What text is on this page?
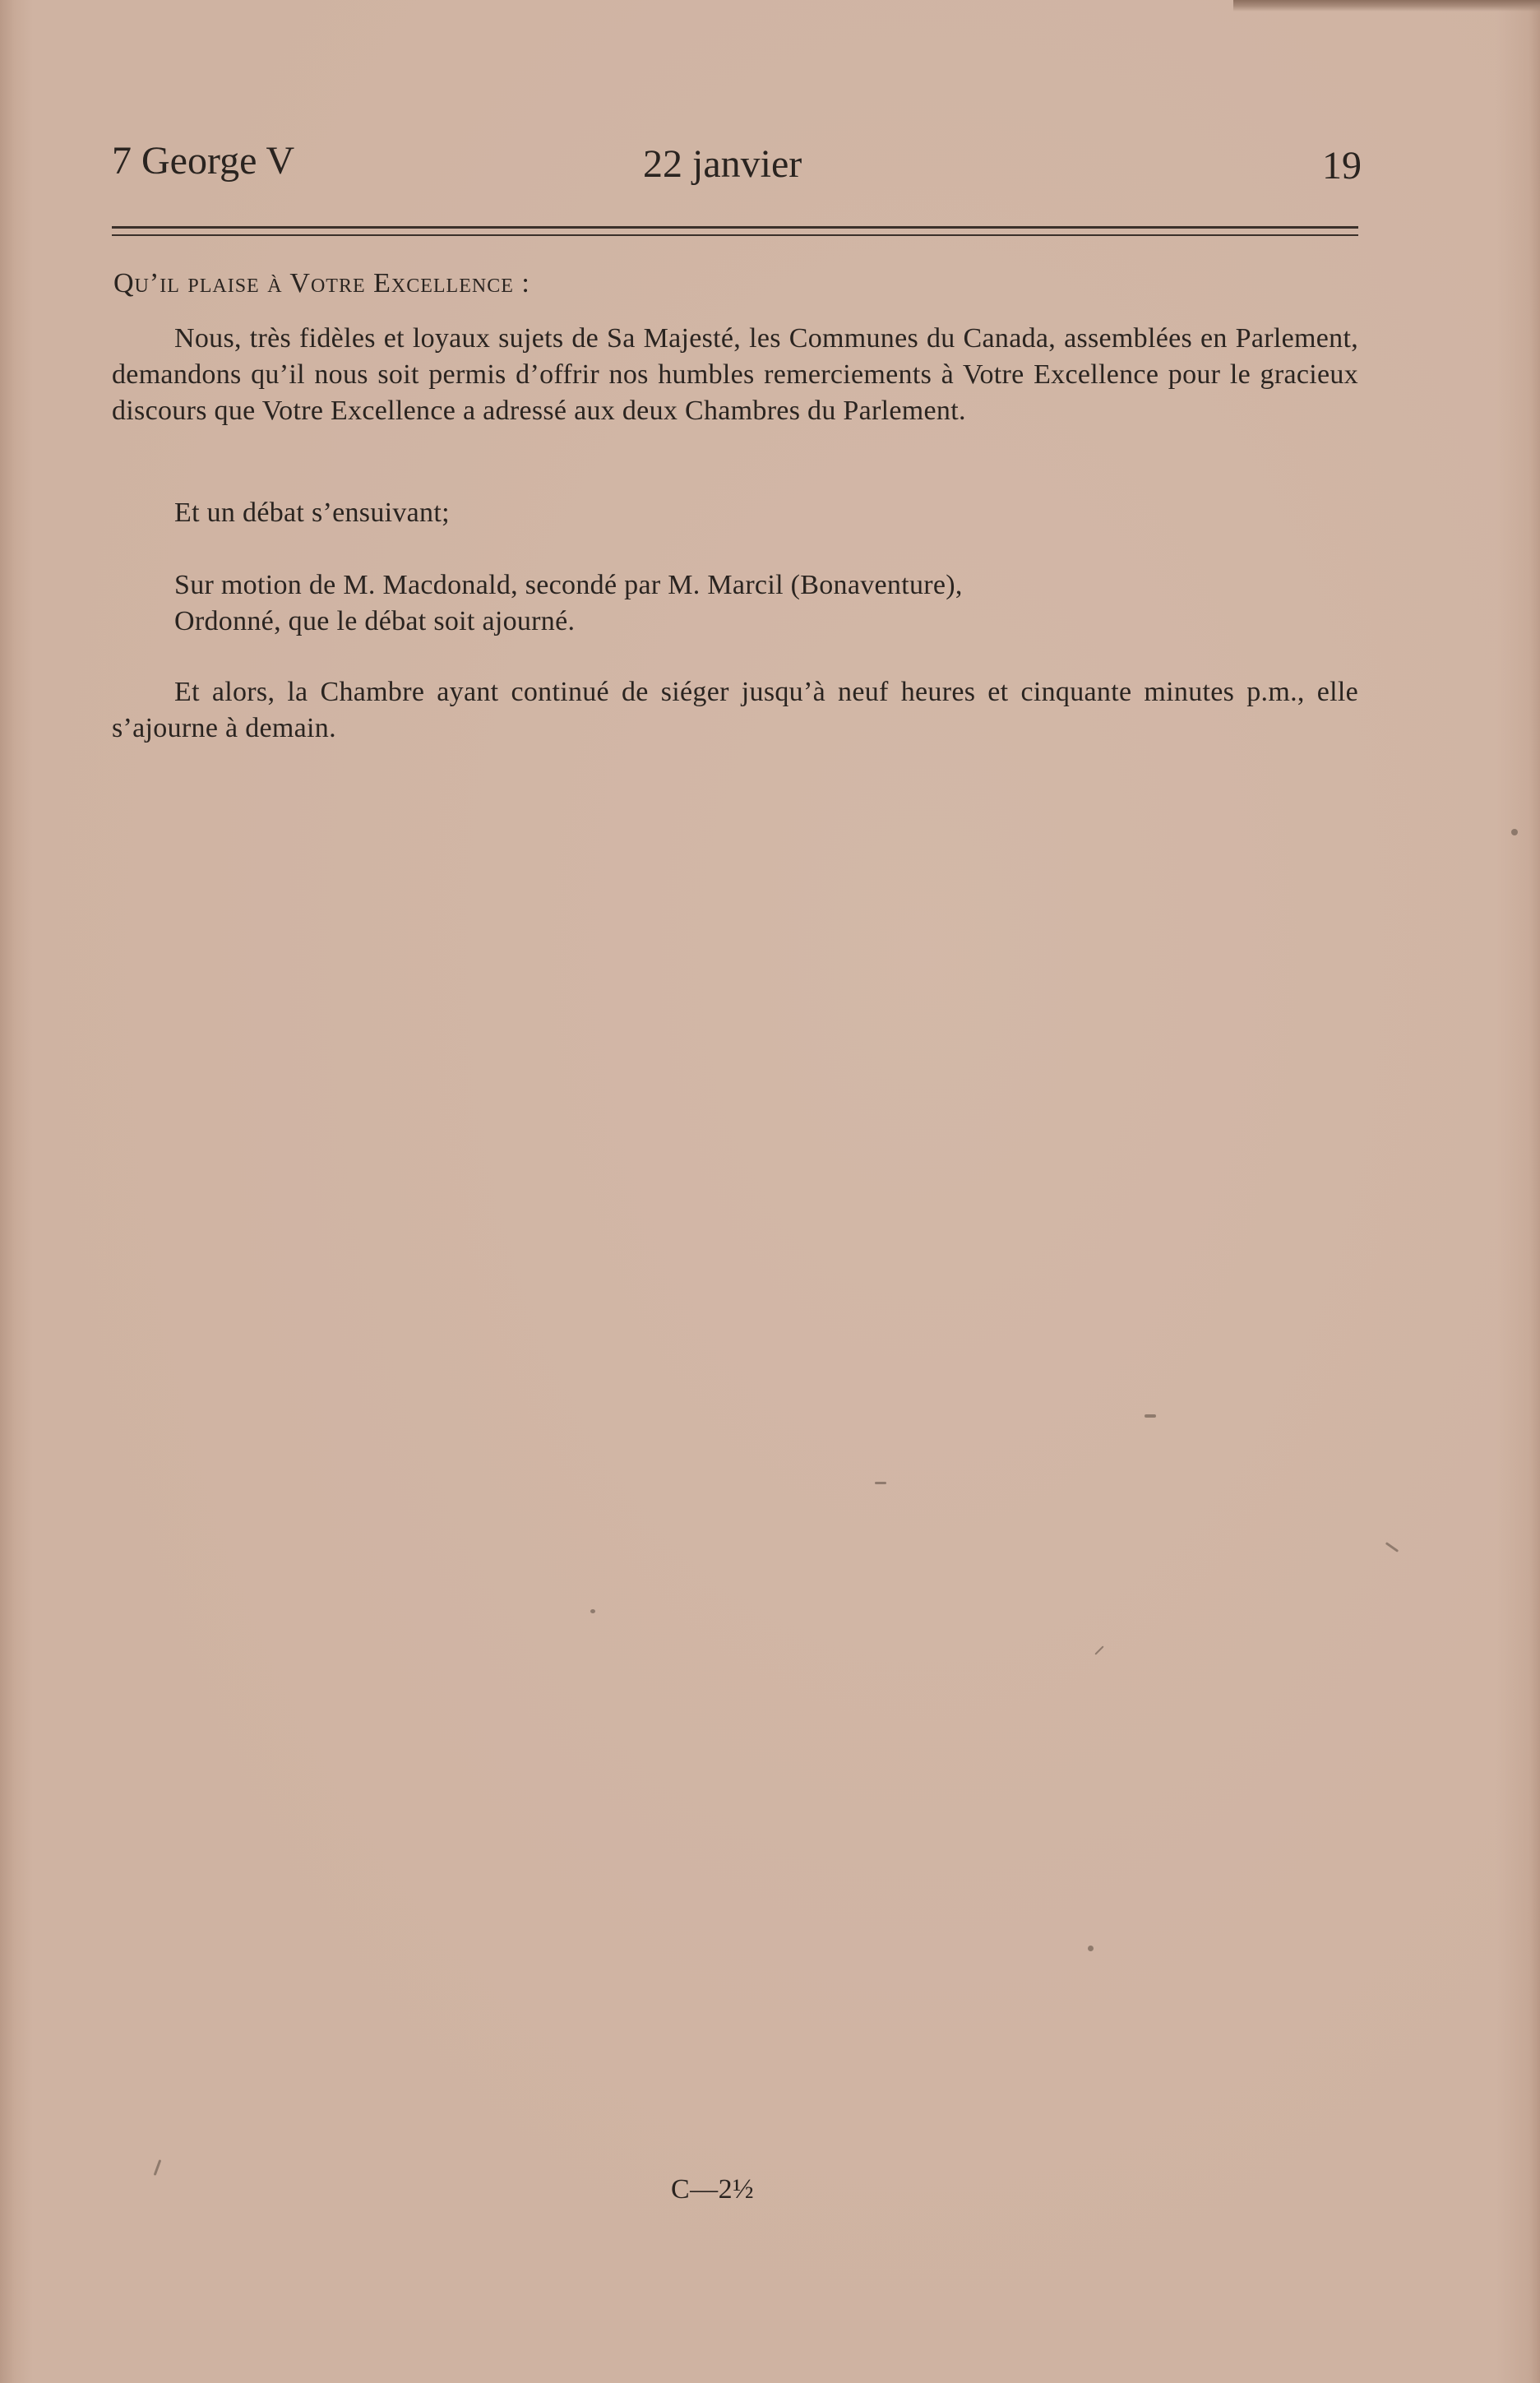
7 George V	22 janvier	19
Qu’il plaise à Votre Excellence :

Nous, très fidèles et loyaux sujets de Sa Majesté, les Communes du Canada, assemblées en Parlement, demandons qu’il nous soit permis d’offrir nos humbles remerciements à Votre Excellence pour le gracieux discours que Votre Excellence a adressé aux deux Chambres du Parlement.

Et un débat s’ensuivant;

Sur motion de M. Macdonald, secondé par M. Marcil (Bonaventure),
Ordonné, que le débat soit ajourné.

Et alors, la Chambre ayant continué de siéger jusqu’à neuf heures et cinquante minutes p.m., elle s’ajourne à demain.

C—2½
